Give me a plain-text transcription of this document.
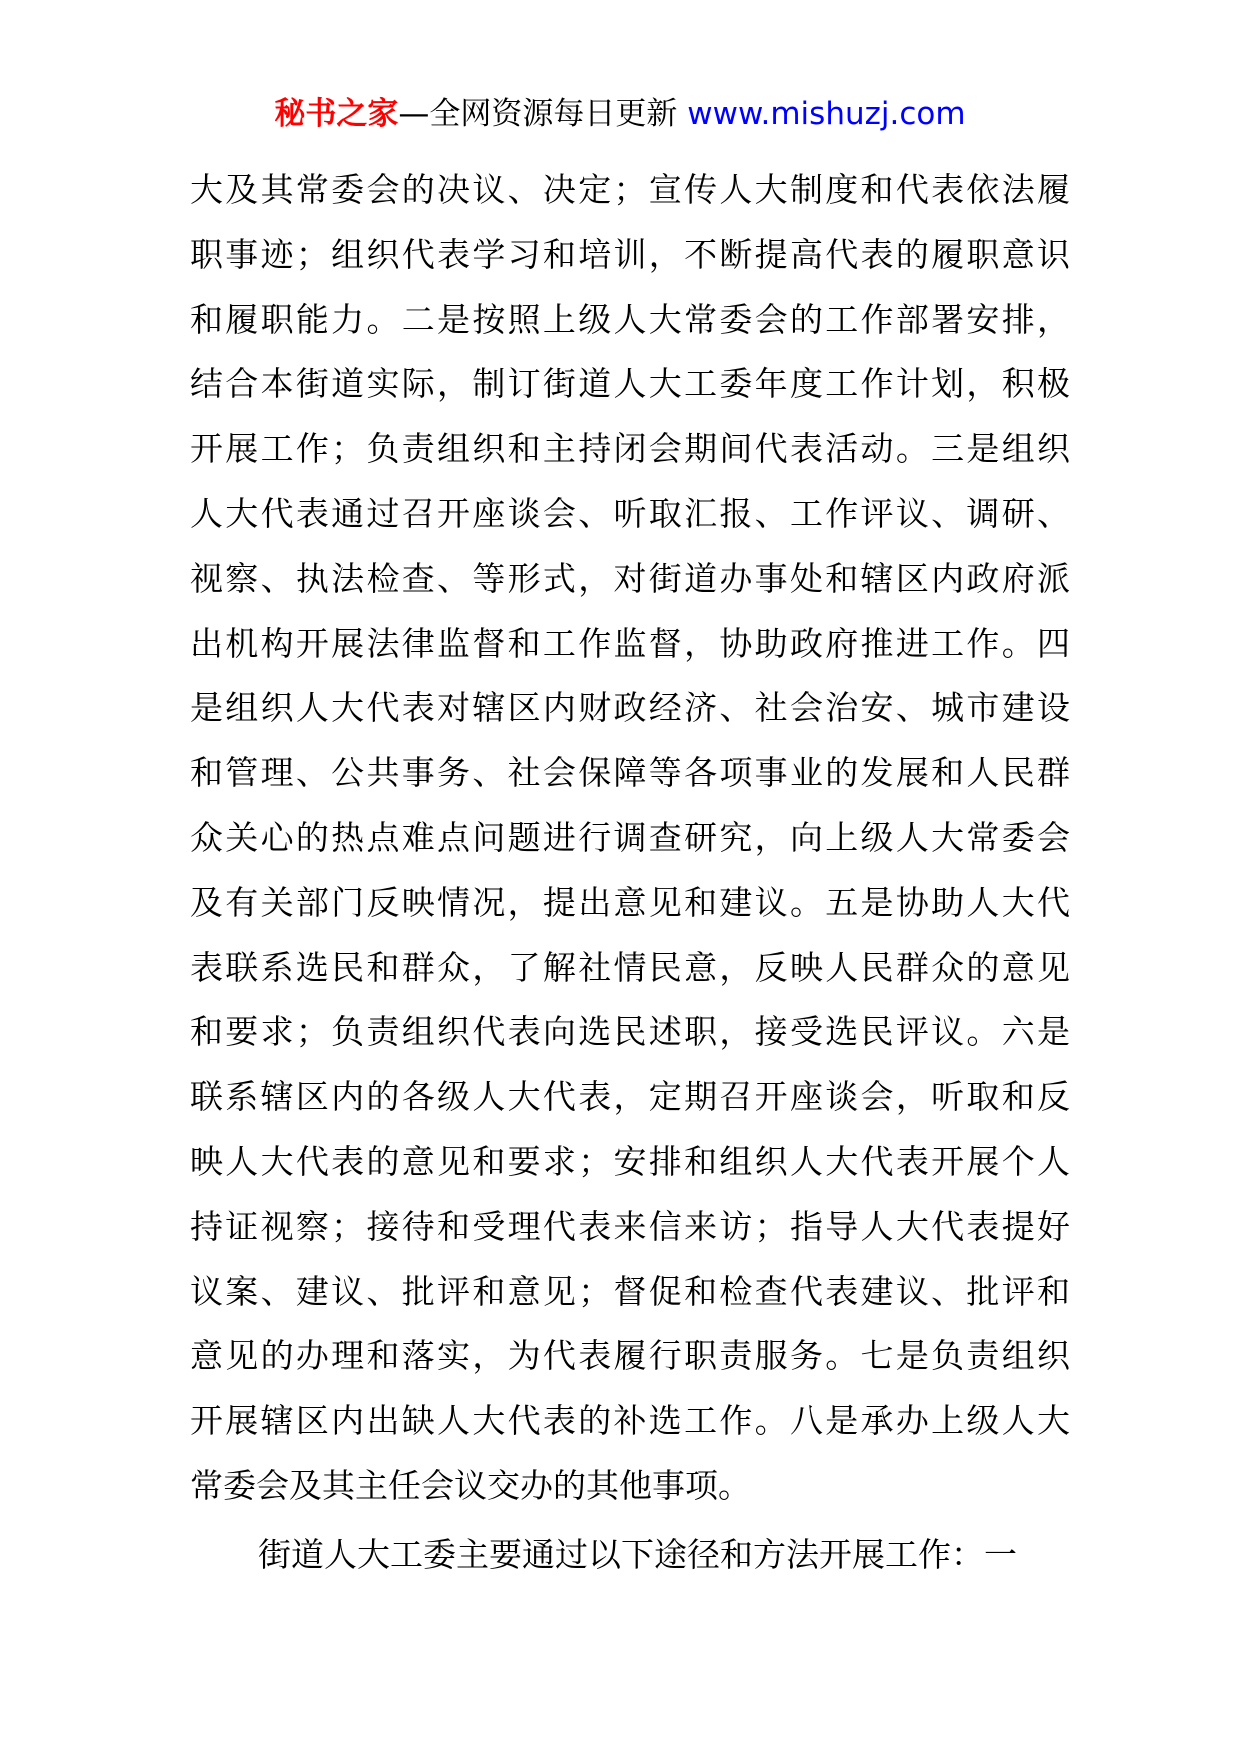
秘书之家—全网资源每日更新 www.mishuzj.com
大及其常委会的决议、决定；宣传人大制度和代表依法履
职事迹；组织代表学习和培训，不断提高代表的履职意识
和履职能力。二是按照上级人大常委会的工作部署安排，
结合本街道实际，制订街道人大工委年度工作计划，积极
开展工作；负责组织和主持闭会期间代表活动。三是组织
人大代表通过召开座谈会、听取汇报、工作评议、调研、
视察、执法检查、等形式，对街道办事处和辖区内政府派
出机构开展法律监督和工作监督，协助政府推进工作。四
是组织人大代表对辖区内财政经济、社会治安、城市建设
和管理、公共事务、社会保障等各项事业的发展和人民群
众关心的热点难点问题进行调查研究，向上级人大常委会
及有关部门反映情况，提出意见和建议。五是协助人大代
表联系选民和群众，了解社情民意，反映人民群众的意见
和要求；负责组织代表向选民述职，接受选民评议。六是
联系辖区内的各级人大代表，定期召开座谈会，听取和反
映人大代表的意见和要求；安排和组织人大代表开展个人
持证视察；接待和受理代表来信来访；指导人大代表提好
议案、建议、批评和意见；督促和检查代表建议、批评和
意见的办理和落实，为代表履行职责服务。七是负责组织
开展辖区内出缺人大代表的补选工作。八是承办上级人大
常委会及其主任会议交办的其他事项。
街道人大工委主要通过以下途径和方法开展工作：一
